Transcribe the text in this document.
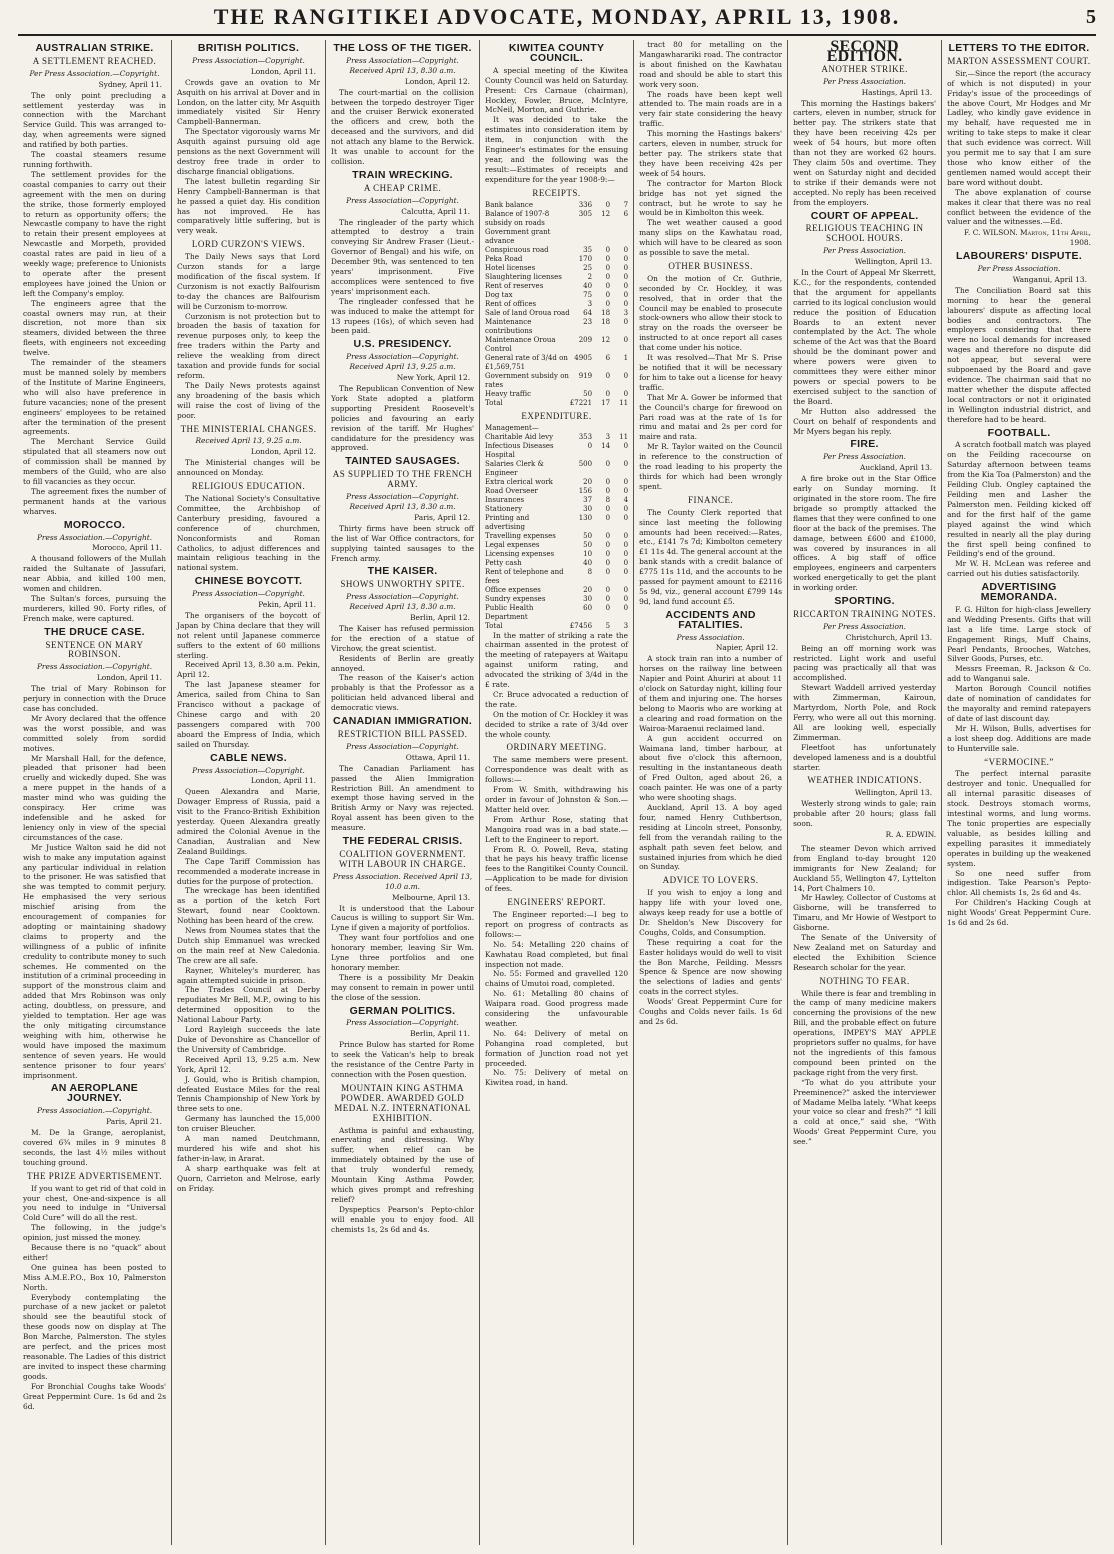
THE RANGITIKEI ADVOCATE, MONDAY, APRIL 13, 1908.	5
AUSTRALIAN STRIKE.
A SETTLEMENT REACHED.
Per Press Association.—Copyright.
Sydney, April 11.

The only point precluding a settlement yesterday was in connection with the Marchant Service Guild. This was arranged to-day, when agreements were signed and ratified by both parties.

The coastal steamers resume running forthwith.

The settlement provides for the coastal companies to carry out their agreement with the men on during the strike, those formerly employed to return as opportunity offers; the Newcastle company to have the right to retain their present employees at Newcastle and Morpeth, provided coastal rates are paid in lieu of a weekly wage; preference to Unionists to operate after the present employees have joined the Union or left the Company's employ.

The engineers agree that the coastal owners may run, at their discretion, not more than six steamers, divided between the three fleets, with engineers not exceeding twelve.

The remainder of the steamers must be manned solely by members of the Institute of Marine Engineers, who will also have preference in future vacancies; none of the present engineers' employees to be retained after the termination of the present agreements.

The Merchant Service Guild stipulated that all steamers now out of commission shall be manned by members of the Guild, who are also to fill vacancies as they occur.

The agreement fixes the number of permanent hands at the various wharves.

MOROCCO.
Press Association.—Copyright.
Morocco, April 11.

A thousand followers of the Mullah raided the Sultanate of Jassufari, near Abbia, and killed 100 men, women and children.

The Sultan's forces, pursuing the murderers, killed 90. Forty rifles, of French make, were captured.

THE DRUCE CASE.
SENTENCE ON MARY ROBINSON.
Press Association.—Copyright.
London, April 11.

The trial of Mary Robinson for perjury in connection with the Druce case has concluded.

Mr Avory declared that the offence was the worst possible, and was committed solely from sordid motives.

Mr Marshall Hall, for the defence, pleaded that prisoner had been cruelly and wickedly duped. She was a mere puppet in the hands of a master mind who was guiding the conspiracy. Her crime was indefensible and he asked for leniency only in view of the special circumstances of the case.

Mr Justice Walton said he did not wish to make any imputation against any particular individual in relation to the prisoner. He was satisfied that she was tempted to commit perjury. He emphasised the very serious mischief arising from the encouragement of companies for adopting or maintaining shadowy claims to property and the willingness of a public of infinite credulity to contribute money to such schemes. He commented on the institution of a criminal proceeding in support of the monstrous claim and added that Mrs Robinson was only acting, doubtless, on pressure, and yielded to temptation. Her age was the only mitigating circumstance weighing with him, otherwise he would have imposed the maximum sentence of seven years. He would sentence prisoner to four years' imprisonment.

AN AEROPLANE JOURNEY.
Press Association.—Copyright.
Paris, April 21.

M. De la Grange, aeroplanist, covered 6¾ miles in 9 minutes 8 seconds, the last 4½ miles without touching ground.

THE PRIZE ADVERTISEMENT.

If you want to get rid of that cold in your chest, One-and-sixpence is all you need to indulge in “Universal Cold Cure” will do all the rest.

The following, in the judge's opinion, just missed the money.

Because there is no “quack” about either!

One guinea has been posted to Miss A.M.E.P.O., Box 10, Palmerston North.

Everybody contemplating the purchase of a new jacket or paletot should see the beautiful stock of these goods now on display at The Bon Marche, Palmerston. The styles are perfect, and the prices most reasonable. The Ladies of this district are invited to inspect these charming goods.

For Bronchial Coughs take Woods' Great Peppermint Cure. 1s 6d and 2s 6d.

BRITISH POLITICS.
Press Association—Copyright.
London, April 11.

Crowds gave an ovation to Mr Asquith on his arrival at Dover and in London, on the latter city, Mr Asquith immediately visited Sir Henry Campbell-Bannerman.

The Spectator vigorously warns Mr Asquith against pursuing old age pensions as the next Government will destroy free trade in order to discharge financial obligations.

The latest bulletin regarding Sir Henry Campbell-Bannerman is that he passed a quiet day. His condition has not improved. He has comparatively little suffering, but is very weak.

LORD CURZON'S VIEWS.

The Daily News says that Lord Curzon stands for a large modification of the fiscal system. If Curzonism is not exactly Balfourism to-day the chances are Balfourism will be Curzonism to-morrow.

Curzonism is not protection but to broaden the basis of taxation for revenue purposes only, to keep the free traders within the Party and relieve the weakling from direct taxation and provide funds for social reform.

The Daily News protests against any broadening of the basis which will raise the cost of living of the poor.

THE MINISTERIAL CHANGES.
Received April 13, 9.25 a.m.
London, April 12.

The Ministerial changes will be announced on Monday.

RELIGIOUS EDUCATION.

The National Society's Consultative Committee, the Archbishop of Canterbury presiding, favoured a conference of churchmen, Nonconformists and Roman Catholics, to adjust differences and maintain religious teaching in the national system.

CHINESE BOYCOTT.
Press Association—Copyright.
Pekin, April 11.

The organisers of the boycott of Japan by China declare that they will not relent until Japanese commerce suffers to the extent of 60 millions sterling.

Received April 13, 8.30 a.m. Pekin, April 12.

The last Japanese steamer for America, sailed from China to San Francisco without a package of Chinese cargo and with 20 passengers compared with 700 aboard the Empress of India, which sailed on Thursday.

CABLE NEWS.
Press Association—Copyright.
London, April 11.

Queen Alexandra and Marie, Dowager Empress of Russia, paid a visit to the Franco-British Exhibition yesterday. Queen Alexandra greatly admired the Colonial Avenue in the Canadian, Australian and New Zealand Buildings.

The Cape Tariff Commission has recommended a moderate increase in duties for the purpose of protection.

The wreckage has been identified as a portion of the ketch Fort Stewart, found near Cooktown. Nothing has been heard of the crew.

News from Noumea states that the Dutch ship Emmanuel was wrecked on the main reef at New Caledonia. The crew are all safe.

Rayner, Whiteley's murderer, has again attempted suicide in prison.

The Trades Council at Derby repudiates Mr Bell, M.P., owing to his determined opposition to the National Labour Party.

Lord Rayleigh succeeds the late Duke of Devonshire as Chancellor of the University of Cambridge.

Received April 13, 9.25 a.m. New York, April 12.

J. Gould, who is British champion, defeated Eustace Miles for the real Tennis Championship of New York by three sets to one.

Germany has launched the 15,000 ton cruiser Bleucher.

A man named Deutchmann, murdered his wife and shot his father-in-law, in Ararat.

A sharp earthquake was felt at Quorn, Carrieton and Melrose, early on Friday.

THE LOSS OF THE TIGER.
Press Association—Copyright. Received April 13, 8.30 a.m.
London, April 12.

The court-martial on the collision between the torpedo destroyer Tiger and the cruiser Berwick exonerated the officers and crew, both the deceased and the survivors, and did not attach any blame to the Berwick. It was unable to account for the collision.

TRAIN WRECKING.
A CHEAP CRIME.
Press Association—Copyright.
Calcutta, April 11.

The ringleader of the party which attempted to destroy a train conveying Sir Andrew Fraser (Lieut.-Governor of Bengal) and his wife, on December 9th, was sentenced to ten years' imprisonment. Five accomplices were sentenced to five years' imprisonment each.

The ringleader confessed that he was induced to make the attempt for 13 rupees (16s), of which seven had been paid.

U.S. PRESIDENCY.
Press Association—Copyright. Received April 13, 9.25 a.m.
New York, April 12.

The Republican Convention of New York State adopted a platform supporting President Roosevelt's policies and favouring an early revision of the tariff. Mr Hughes' candidature for the presidency was approved.

TAINTED SAUSAGES.
AS SUPPLIED TO THE FRENCH ARMY.
Press Association—Copyright. Received April 13, 8.30 a.m.
Paris, April 12.

Thirty firms have been struck off the list of War Office contractors, for supplying tainted sausages to the French army.

THE KAISER.
SHOWS UNWORTHY SPITE.
Press Association—Copyright. Received April 13, 8.30 a.m.
Berlin, April 12.

The Kaiser has refused permission for the erection of a statue of Virchow, the great scientist.

Residents of Berlin are greatly annoyed.

The reason of the Kaiser's action probably is that the Professor as a politician held advanced liberal and democratic views.

CANADIAN IMMIGRATION.
RESTRICTION BILL PASSED.
Press Association—Copyright.
Ottawa, April 11.

The Canadian Parliament has passed the Alien Immigration Restriction Bill. An amendment to exempt those having served in the British Army or Navy was rejected. Royal assent has been given to the measure.

THE FEDERAL CRISIS.
COALITION GOVERNMENT. WITH LABOUR IN CHARGE.
Press Association. Received April 13, 10.0 a.m.
Melbourne, April 13.

It is understood that the Labour Caucus is willing to support Sir Wm. Lyne if given a majority of portfolios.

They want four portfolios and one honorary member, leaving Sir Wm. Lyne three portfolios and one honorary member.

There is a possibility Mr Deakin may consent to remain in power until the close of the session.

GERMAN POLITICS.
Press Association—Copyright.
Berlin, April 11.

Prince Bulow has started for Rome to seek the Vatican's help to break the resistance of the Centre Party in connection with the Posen question.

MOUNTAIN KING ASTHMA POWDER. AWARDED GOLD MEDAL N.Z. INTERNATIONAL EXHIBITION.

Asthma is painful and exhausting, enervating and distressing. Why suffer, when relief can be immediately obtained by the use of that truly wonderful remedy, Mountain King Asthma Powder, which gives prompt and refreshing relief?

Dyspeptics Pearson's Pepto-chlor will enable you to enjoy food. All chemists 1s, 2s 6d and 4s.

KIWITEA COUNTY COUNCIL.

A special meeting of the Kiwitea County Council was held on Saturday. Present: Crs Carnaue (chairman), Hockley, Fowler, Bruce, McIntyre, McNeil, Morton, and Guthrie.

It was decided to take the estimates into consideration item by item, in conjunction with the Engineer's estimates for the ensuing year, and the following was the result:—Estimates of receipts and expenditure for the year 1908-9:—

RECEIPTS.
Bank balance	336	0	7
Balance of 1907-8 subsidy on roads	305	12	6
Government grant advance			
Conspicuous road	35	0	0
Peka Road	170	0	0
Hotel licenses	25	0	0
Slaughtering licenses	2	0	0
Rent of reserves	40	0	0
Dog tax	75	0	0
Rent of offices	3	0	0
Sale of land Oroua road	64	18	3
Maintenance contributions	23	18	0
Maintenance Oroua Control	209	12	0
General rate of 3/4d on £1,569,751	4905	6	1
Government subsidy on rates	919	0	0
Heavy traffic	50	0	0
Total	£7221	17	11
EXPENDITURE.
Management—			
Charitable Aid levy	353	3	11
Infectious Diseases Hospital	0	14	0
Salaries Clerk & Engineer	500	0	0
Extra clerical work	20	0	0
Road Overseer	156	0	0
Insurances	37	8	4
Stationery	30	0	0
Printing and advertising	130	0	0
Travelling expenses	50	0	0
Legal expenses	50	0	0
Licensing expenses	10	0	0
Petty cash	40	0	0
Rent of telephone and fees	8	0	0
Office expenses	20	0	0
Sundry expenses	30	0	0
Public Health Department	60	0	0
Total	£7456	5	3

In the matter of striking a rate the chairman assented in the protest of the meeting of ratepayers at Waitapu against uniform rating, and advocated the striking of 3/4d in the £ rate.

Cr. Bruce advocated a reduction of the rate.

On the motion of Cr. Hockley it was decided to strike a rate of 3/4d over the whole county.

ORDINARY MEETING.

The same members were present. Correspondence was dealt with as follows:—

From W. Smith, withdrawing his order in favour of Johnston & Son.—Matter held over.

From Arthur Rose, stating that Mangoira road was in a bad state.—Left to the Engineer to report.

From R. O. Powell, Reva, stating that he pays his heavy traffic license fees to the Rangitikei County Council.—Application to be made for division of fees.

ENGINEERS' REPORT.

The Engineer reported:—I beg to report on progress of contracts as follows:—

No. 54: Metalling 220 chains of Kawhatau Road completed, but final inspection not made.

No. 55: Formed and gravelled 120 chains of Umutoi road, completed.

No. 61: Metalling 80 chains of Waipara road. Good progress made considering the unfavourable weather.

No. 64: Delivery of metal on Pohangina road completed, but formation of Junction road not yet proceeded.

No. 75: Delivery of metal on Kiwitea road, in hand.

tract 80 for metalling on the Mangawharariki road. The contractor is about finished on the Kawhatau road and should be able to start this work very soon.

The roads have been kept well attended to. The main roads are in a very fair state considering the heavy traffic.

This morning the Hastings bakers' carters, eleven in number, struck for better pay. The strikers state that they have been receiving 42s per week of 54 hours.

The contractor for Marton Block bridge has not yet signed the contract, but he wrote to say he would be in Kimbolton this week.

The wet weather caused a good many slips on the Kawhatau road, which will have to be cleared as soon as possible to save the metal.

OTHER BUSINESS.

On the motion of Cr. Guthrie, seconded by Cr. Hockley, it was resolved, that in order that the Council may be enabled to prosecute stock-owners who allow their stock to stray on the roads the overseer be instructed to at once report all cases that come under his notice.

It was resolved—That Mr S. Prise be notified that it will be necessary for him to take out a license for heavy traffic.

That Mr A. Gower be informed that the Council's charge for firewood on Pari road was at the rate of 1s for rimu and matai and 2s per cord for maire and rata.

Mr R. Taylor waited on the Council in reference to the construction of the road leading to his property the thirds for which had been wrongly spent.

FINANCE.

The County Clerk reported that since last meeting the following amounts had been received:—Rates, etc., £141 7s 7d; Kimbolton cemetery £1 11s 4d. The general account at the bank stands with a credit balance of £775 11s 11d, and the accounts to be passed for payment amount to £2116 5s 9d, viz., general account £799 14s 9d, land fund account £5.

ACCIDENTS AND FATALITIES.
Press Association.
Napier, April 12.

A stock train ran into a number of horses on the railway line between Napier and Point Ahuriri at about 11 o'clock on Saturday night, killing four of them and injuring one. The horses belong to Maoris who are working at a clearing and road formation on the Wairoa-Maraenui reclaimed land.

A gun accident occurred on Waimana land, timber harbour, at about five o'clock this afternoon, resulting in the instantaneous death of Fred Oulton, aged about 26, a coach painter. He was one of a party who were shooting shags.

Auckland, April 13. A boy aged four, named Henry Cuthbertson, residing at Lincoln street, Ponsonby, fell from the verandah railing to the asphalt path seven feet below, and sustained injuries from which he died on Sunday.

ADVICE TO LOVERS.

If you wish to enjoy a long and happy life with your loved one, always keep ready for use a bottle of Dr. Sheldon's New Discovery for Coughs, Colds, and Consumption.

These requiring a coat for the Easter holidays would do well to visit the Bon Marche, Feilding. Messrs Spence & Spence are now showing the selections of ladies and gents' coats in the correct styles.

Woods' Great Peppermint Cure for Coughs and Colds never fails. 1s 6d and 2s 6d.

SECOND EDITION.
ANOTHER STRIKE.
Per Press Association.
Hastings, April 13.

This morning the Hastings bakers' carters, eleven in number, struck for better pay. The strikers state that they have been receiving 42s per week of 54 hours, but more often than not they are worked 62 hours. They claim 50s and overtime. They went on Saturday night and decided to strike if their demands were not accepted. No reply has been received from the employers.

COURT OF APPEAL.
RELIGIOUS TEACHING IN SCHOOL HOURS.
Per Press Association.
Wellington, April 13.

In the Court of Appeal Mr Skerrett, K.C., for the respondents, contended that the argument for appellants carried to its logical conclusion would reduce the position of Education Boards to an extent never contemplated by the Act. The whole scheme of the Act was that the Board should be the dominant power and where powers were given to committees they were either minor powers or special powers to be exercised subject to the sanction of the Board.

Mr Hutton also addressed the Court on behalf of respondents and Mr Myers began his reply.

FIRE.
Per Press Association.
Auckland, April 13.

A fire broke out in the Star Office early on Sunday morning. It originated in the store room. The fire brigade so promptly attacked the flames that they were confined to one floor at the back of the premises. The damage, between £600 and £1000, was covered by insurances in all offices. A big staff of office employees, engineers and carpenters worked energetically to get the plant in working order.

SPORTING.
RICCARTON TRAINING NOTES.
Per Press Association.
Christchurch, April 13.

Being an off morning work was restricted. Light work and useful pacing was practically all that was accomplished.

Stewart Waddell arrived yesterday with Zimmerman, Kairoun, Martyrdom, North Pole, and Rock Ferry, who were all out this morning. All are looking well, especially Zimmerman.

Fleetfoot has unfortunately developed lameness and is a doubtful starter.

WEATHER INDICATIONS.
Wellington, April 13.

Westerly strong winds to gale; rain probable after 20 hours; glass fall soon.

R. A. EDWIN.

The steamer Devon which arrived from England to-day brought 120 immigrants for New Zealand; for Auckland 55, Wellington 47, Lyttelton 14, Port Chalmers 10.

Mr Hawley, Collector of Customs at Gisborne, will be transferred to Timaru, and Mr Howie of Westport to Gisborne.

The Senate of the University of New Zealand met on Saturday and elected the Exhibition Science Research scholar for the year.

NOTHING TO FEAR.

While there is fear and trembling in the camp of many medicine makers concerning the provisions of the new Bill, and the probable effect on future operations, IMPEY'S MAY APPLE proprietors suffer no qualms, for have not the ingredients of this famous compound been printed on the package right from the very first.

“To what do you attribute your Preeminence?” asked the interviewer of Madame Melba lately. “What keeps your voice so clear and fresh?” “I kill a cold at once,” said she, “With Woods' Great Peppermint Cure, you see.”

LETTERS TO THE EDITOR.
MARTON ASSESSMENT COURT.

Sir,—Since the report (the accuracy of which is not disputed) in your Friday's issue of the proceedings of the above Court, Mr Hodges and Mr Ladley, who kindly gave evidence in my behalf, have requested me in writing to take steps to make it clear that such evidence was correct. Will you permit me to say that I am sure those who know either of the gentlemen named would accept their bare word without doubt.

The above explanation of course makes it clear that there was no real conflict between the evidence of the valuer and the witnesses.—Ed.

F. C. WILSON. Marton, 11th April, 1908.
LABOURERS' DISPUTE.
Per Press Association.
Wanganui, April 13.

The Conciliation Board sat this morning to hear the general labourers' dispute as affecting local bodies and contractors. The employers considering that there were no local demands for increased wages and therefore no dispute did not appear, but several were subpoenaed by the Board and gave evidence. The chairman said that no matter whether the dispute affected local contractors or not it originated in Wellington industrial district, and therefore had to be heard.

FOOTBALL.

A scratch football match was played on the Feilding racecourse on Saturday afternoon between teams from the Kia Toa (Palmerston) and the Feilding Club. Ongley captained the Feilding men and Lasher the Palmerston men. Feilding kicked off and for the first half of the game played against the wind which resulted in nearly all the play during the first spell being confined to Feilding's end of the ground.

Mr W. H. McLean was referee and carried out his duties satisfactorily.

ADVERTISING MEMORANDA.

F. G. Hilton for high-class Jewellery and Wedding Presents. Gifts that will last a life time. Large stock of Engagement Rings, Muff Chains, Pearl Pendants, Brooches, Watches, Silver Goods, Purses, etc.

Messrs Freeman, R. Jackson & Co. add to Wanganui sale.

Marton Borough Council notifies date of nomination of candidates for the mayoralty and remind ratepayers of date of last discount day.

Mr H. Wilson, Bulls, advertises for a lost sheep dog. Additions are made to Hunterville sale.

“VERMOCINE.”

The perfect internal parasite destroyer and tonic. Unequalled for all internal parasitic diseases of stock. Destroys stomach worms, intestinal worms, and lung worms. The tonic properties are especially valuable, as besides killing and expelling parasites it immediately operates in building up the weakened system.

So one need suffer from indigestion. Take Pearson's Pepto-chlor. All chemists 1s, 2s 6d and 4s.

For Children's Hacking Cough at night Woods' Great Peppermint Cure. 1s 6d and 2s 6d.
